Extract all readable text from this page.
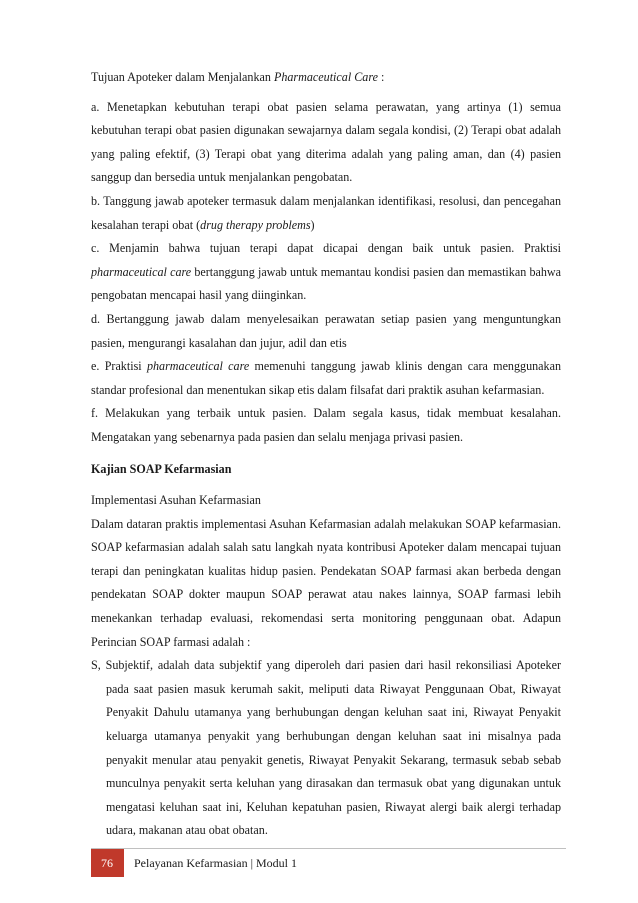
Tujuan Apoteker dalam Menjalankan Pharmaceutical Care :

a. Menetapkan kebutuhan terapi obat pasien selama perawatan, yang artinya (1) semua kebutuhan terapi obat pasien digunakan sewajarnya dalam segala kondisi, (2) Terapi obat adalah yang paling efektif, (3) Terapi obat yang diterima adalah yang paling aman, dan (4) pasien sanggup dan bersedia untuk menjalankan pengobatan.

b. Tanggung jawab apoteker termasuk dalam menjalankan identifikasi, resolusi, dan pencegahan kesalahan terapi obat (drug therapy problems)

c. Menjamin bahwa tujuan terapi dapat dicapai dengan baik untuk pasien. Praktisi pharmaceutical care bertanggung jawab untuk memantau kondisi pasien dan memastikan bahwa pengobatan mencapai hasil yang diinginkan.

d. Bertanggung jawab dalam menyelesaikan perawatan setiap pasien yang menguntungkan pasien, mengurangi kasalahan dan jujur, adil dan etis

e. Praktisi pharmaceutical care memenuhi tanggung jawab klinis dengan cara menggunakan standar profesional dan menentukan sikap etis dalam filsafat dari praktik asuhan kefarmasian.

f. Melakukan yang terbaik untuk pasien. Dalam segala kasus, tidak membuat kesalahan. Mengatakan yang sebenarnya pada pasien dan selalu menjaga privasi pasien.

Kajian SOAP Kefarmasian

Implementasi Asuhan Kefarmasian

Dalam dataran praktis implementasi Asuhan Kefarmasian adalah melakukan SOAP kefarmasian. SOAP kefarmasian adalah salah satu langkah nyata kontribusi Apoteker dalam mencapai tujuan terapi dan peningkatan kualitas hidup pasien. Pendekatan SOAP farmasi akan berbeda dengan pendekatan SOAP dokter maupun SOAP perawat atau nakes lainnya, SOAP farmasi lebih menekankan terhadap evaluasi, rekomendasi serta monitoring penggunaan obat. Adapun Perincian SOAP farmasi adalah :

S, Subjektif, adalah data subjektif yang diperoleh dari pasien dari hasil rekonsiliasi Apoteker pada saat pasien masuk kerumah sakit, meliputi data Riwayat Penggunaan Obat, Riwayat Penyakit Dahulu utamanya yang berhubungan dengan keluhan saat ini, Riwayat Penyakit keluarga utamanya penyakit yang berhubungan dengan keluhan saat ini misalnya pada penyakit menular atau penyakit genetis, Riwayat Penyakit Sekarang, termasuk sebab sebab munculnya penyakit serta keluhan yang dirasakan dan termasuk obat yang digunakan untuk mengatasi keluhan saat ini, Keluhan kepatuhan pasien, Riwayat alergi baik alergi terhadap udara, makanan atau obat obatan.

76	Pelayanan Kefarmasian | Modul 1
